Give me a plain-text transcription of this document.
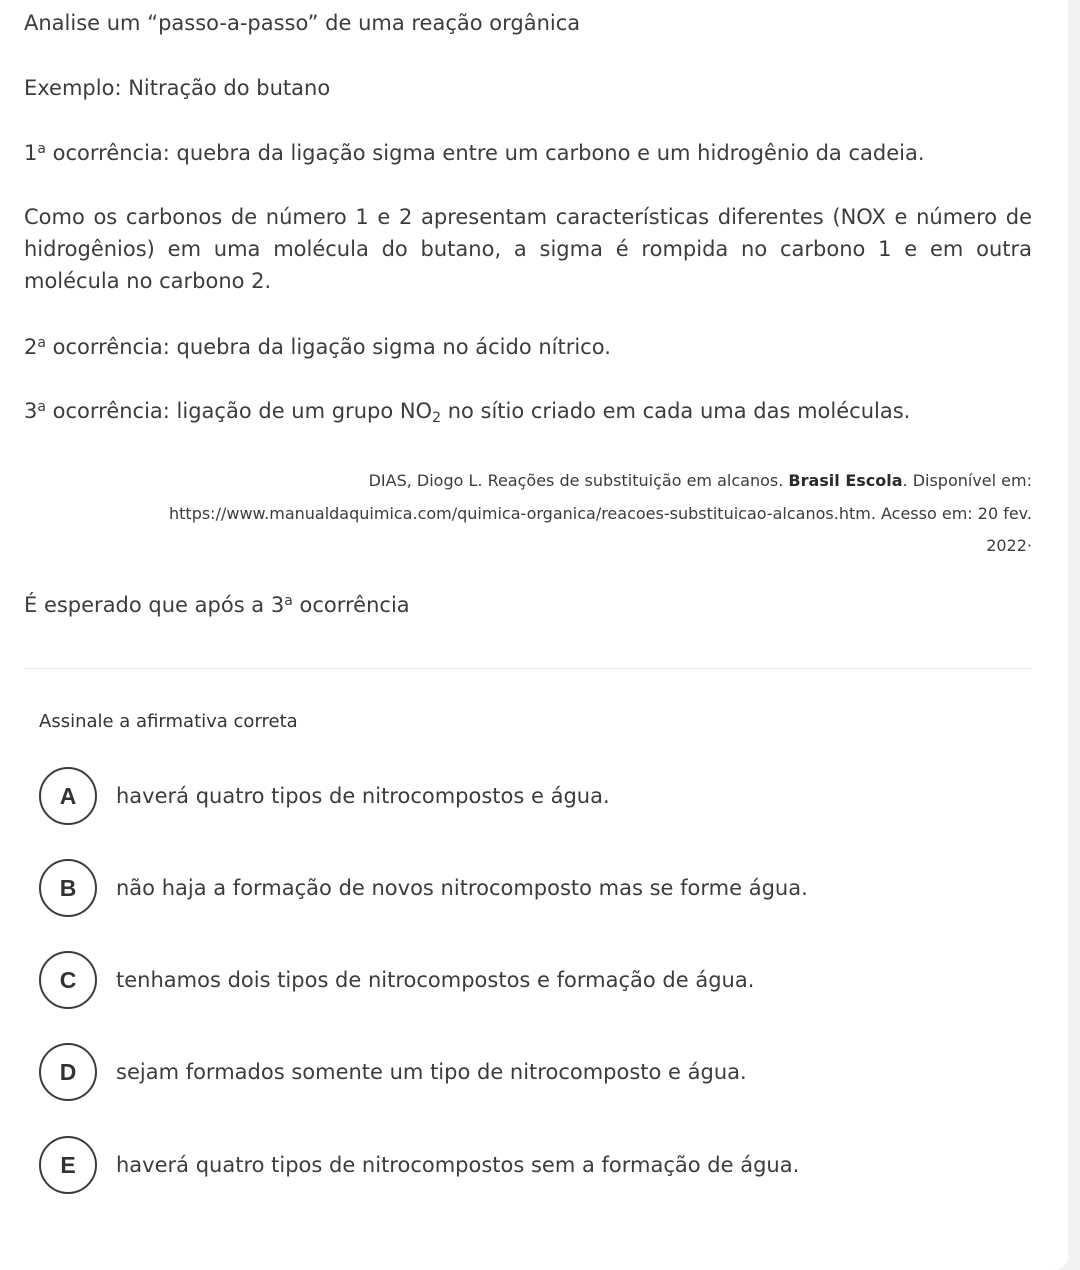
Analise um “passo-a-passo” de uma reação orgânica

Exemplo: Nitração do butano

1$^a$ ocorrência: quebra da ligação sigma entre um carbono e um hidrogênio da cadeia.

Como os carbonos de número 1 e 2 apresentam características diferentes (NOX e número de hidrogênios) em uma molécula do butano, a sigma é rompida no carbono 1 e em outra molécula no carbono 2.

2$^a$ ocorrência: quebra da ligação sigma no ácido nítrico.

3$^a$ ocorrência: ligação de um grupo $NO_2$ no sítio criado em cada uma das moléculas.

DIAS, Diogo L. Reações de substituição em alcanos. Brasil Escola. Disponível em:
https://www.manualdaquimica.com/quimica-organica/reacoes-substituicao-alcanos.htm. Acesso em: 20 fev.
2022·

É esperado que após a 3$^a$ ocorrência

Assinale a afirmativa correta
A	haverá quatro tipos de nitrocompostos e água.
B	não haja a formação de novos nitrocomposto mas se forme água.
C	tenhamos dois tipos de nitrocompostos e formação de água.
D	sejam formados somente um tipo de nitrocomposto e água.
E	haverá quatro tipos de nitrocompostos sem a formação de água.
